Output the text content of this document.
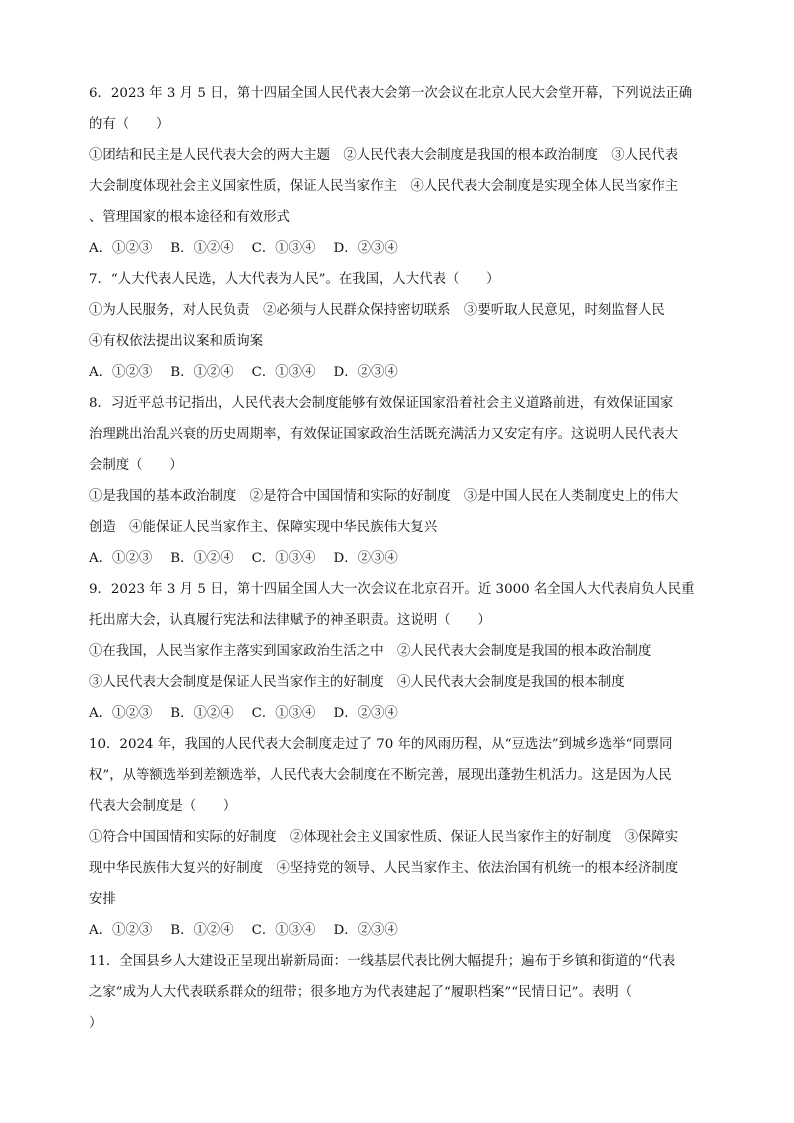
6．2023 年 3 月 5 日，第十四届全国人民代表大会第一次会议在北京人民大会堂开幕，下列说法正确
的有（　　）
①团结和民主是人民代表大会的两大主题　②人民代表大会制度是我国的根本政治制度　③人民代表
大会制度体现社会主义国家性质，保证人民当家作主　④人民代表大会制度是实现全体人民当家作主
、管理国家的根本途径和有效形式
A．①②③ B．①②④ C．①③④ D．②③④
7．“人大代表人民选，人大代表为人民”。在我国，人大代表（　　）
①为人民服务，对人民负责　②必须与人民群众保持密切联系　③要听取人民意见，时刻监督人民
④有权依法提出议案和质询案
A．①②③ B．①②④ C．①③④ D．②③④
8．习近平总书记指出，人民代表大会制度能够有效保证国家沿着社会主义道路前进，有效保证国家
治理跳出治乱兴衰的历史周期率，有效保证国家政治生活既充满活力又安定有序。这说明人民代表大
会制度（　　）
①是我国的基本政治制度　②是符合中国国情和实际的好制度　③是中国人民在人类制度史上的伟大
创造　④能保证人民当家作主、保障实现中华民族伟大复兴
A．①②③ B．①②④ C．①③④ D．②③④
9．2023 年 3 月 5 日，第十四届全国人大一次会议在北京召开。近 3000 名全国人大代表肩负人民重
托出席大会，认真履行宪法和法律赋予的神圣职责。这说明（　　）
①在我国，人民当家作主落实到国家政治生活之中　②人民代表大会制度是我国的根本政治制度
③人民代表大会制度是保证人民当家作主的好制度　④人民代表大会制度是我国的根本制度
A．①②③ B．①②④ C．①③④ D．②③④
10．2024 年，我国的人民代表大会制度走过了 70 年的风雨历程，从“豆选法”到城乡选举“同票同
权”，从等额选举到差额选举，人民代表大会制度在不断完善，展现出蓬勃生机活力。这是因为人民
代表大会制度是（　　）
①符合中国国情和实际的好制度　②体现社会主义国家性质、保证人民当家作主的好制度　③保障实
现中华民族伟大复兴的好制度　④坚持党的领导、人民当家作主、依法治国有机统一的根本经济制度
安排
A．①②③ B．①②④ C．①③④ D．②③④
11．全国县乡人大建设正呈现出崭新局面：一线基层代表比例大幅提升；遍布于乡镇和街道的“代表
之家”成为人大代表联系群众的纽带；很多地方为代表建起了“履职档案”“民情日记”。表明（
）
